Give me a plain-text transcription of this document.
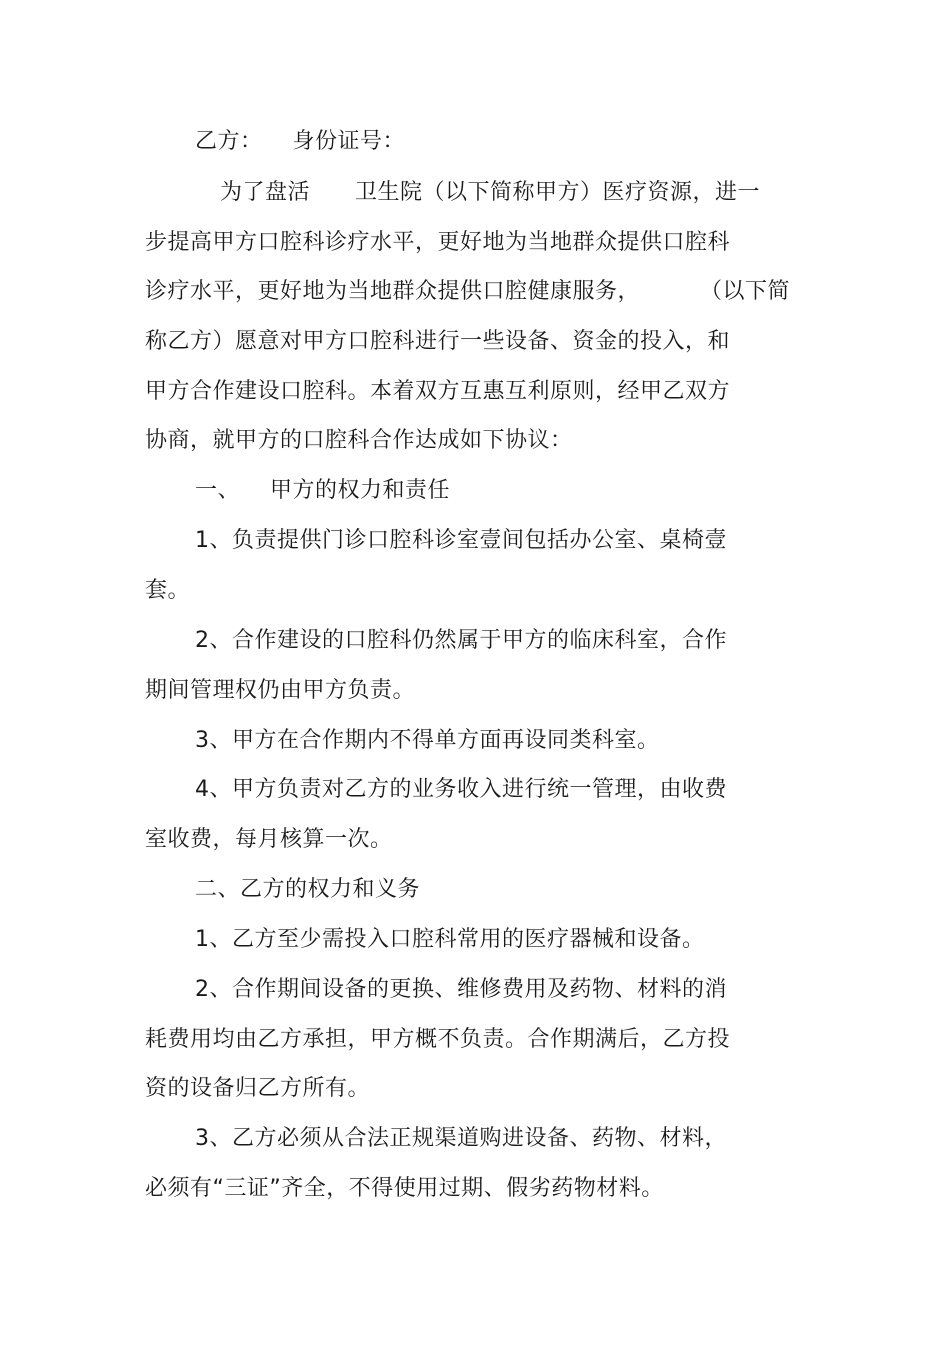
乙方：    身份证号：
为了盘活      卫生院（以下简称甲方）医疗资源，进一
步提高甲方口腔科诊疗水平，更好地为当地群众提供口腔科
诊疗水平，更好地为当地群众提供口腔健康服务，        （以下简
称乙方）愿意对甲方口腔科进行一些设备、资金的投入，和
甲方合作建设口腔科。本着双方互惠互利原则，经甲乙双方
协商，就甲方的口腔科合作达成如下协议：
一、    甲方的权力和责任
1、负责提供门诊口腔科诊室壹间包括办公室、桌椅壹
套。
2、合作建设的口腔科仍然属于甲方的临床科室，合作
期间管理权仍由甲方负责。
3、甲方在合作期内不得单方面再设同类科室。
4、甲方负责对乙方的业务收入进行统一管理，由收费
室收费，每月核算一次。
二、乙方的权力和义务
1、乙方至少需投入口腔科常用的医疗器械和设备。
2、合作期间设备的更换、维修费用及药物、材料的消
耗费用均由乙方承担，甲方概不负责。合作期满后，乙方投
资的设备归乙方所有。
3、乙方必须从合法正规渠道购进设备、药物、材料，
必须有“三证”齐全，不得使用过期、假劣药物材料。
